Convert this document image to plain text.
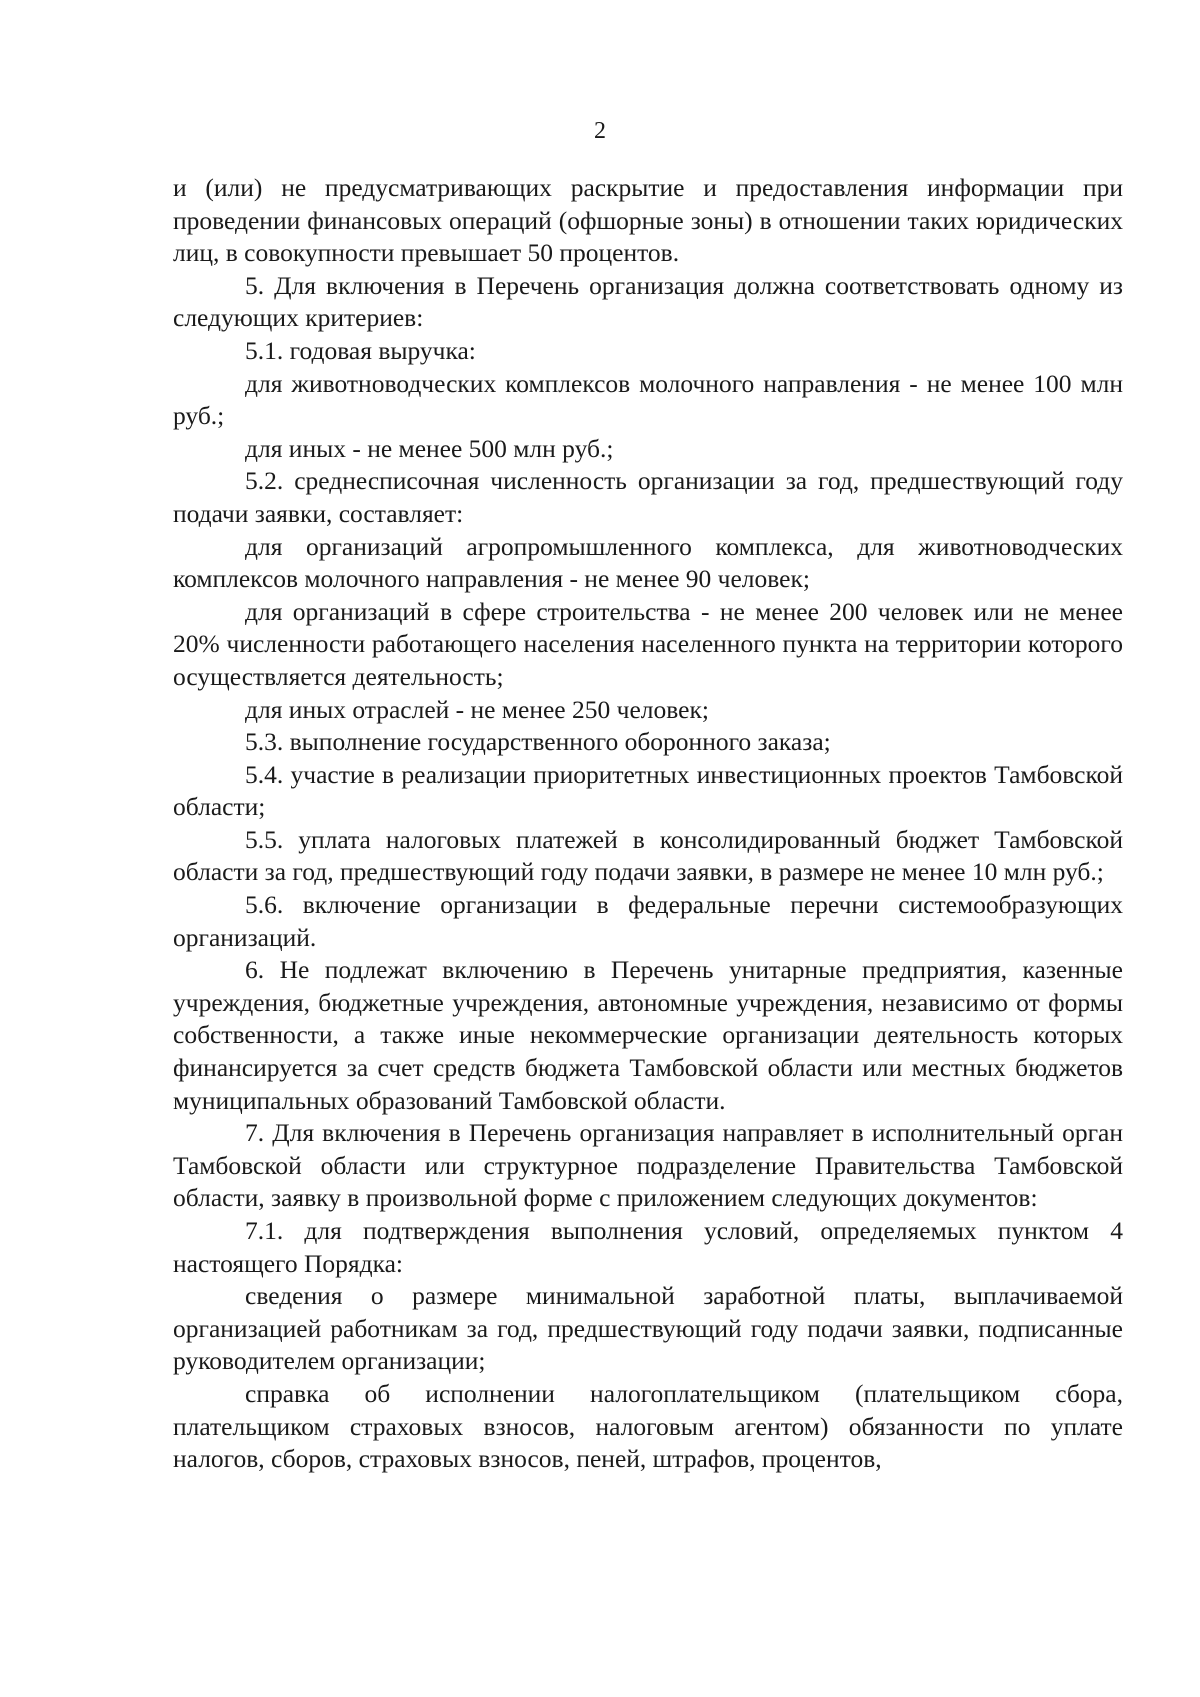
2

и (или) не предусматривающих раскрытие и предоставления информации при проведении финансовых операций (офшорные зоны) в отношении таких юридических лиц, в совокупности превышает 50 процентов.

5. Для включения в Перечень организация должна соответствовать одному из следующих критериев:

5.1. годовая выручка:

для животноводческих комплексов молочного направления - не менее 100 млн руб.;

для иных - не менее 500 млн руб.;

5.2. среднесписочная численность организации за год, предшествующий году подачи заявки, составляет:

для организаций агропромышленного комплекса, для животноводческих комплексов молочного направления - не менее 90 человек;

для организаций в сфере строительства - не менее 200 человек или не менее 20% численности работающего населения населенного пункта на территории которого осуществляется деятельность;

для иных отраслей - не менее 250 человек;

5.3. выполнение государственного оборонного заказа;

5.4. участие в реализации приоритетных инвестиционных проектов Тамбовской области;

5.5. уплата налоговых платежей в консолидированный бюджет Тамбовской области за год, предшествующий году подачи заявки, в размере не менее 10 млн руб.;

5.6. включение организации в федеральные перечни системообразующих организаций.

6. Не подлежат включению в Перечень унитарные предприятия, казенные учреждения, бюджетные учреждения, автономные учреждения, независимо от формы собственности, а также иные некоммерческие организации деятельность которых финансируется за счет средств бюджета Тамбовской области или местных бюджетов муниципальных образований Тамбовской области.

7. Для включения в Перечень организация направляет в исполнительный орган Тамбовской области или структурное подразделение Правительства Тамбовской области, заявку в произвольной форме с приложением следующих документов:

7.1. для подтверждения выполнения условий, определяемых пунктом 4 настоящего Порядка:

сведения о размере минимальной заработной платы, выплачиваемой организацией работникам за год, предшествующий году подачи заявки, подписанные руководителем организации;

справка об исполнении налогоплательщиком (плательщиком сбора, плательщиком страховых взносов, налоговым агентом) обязанности по уплате налогов, сборов, страховых взносов, пеней, штрафов, процентов,
